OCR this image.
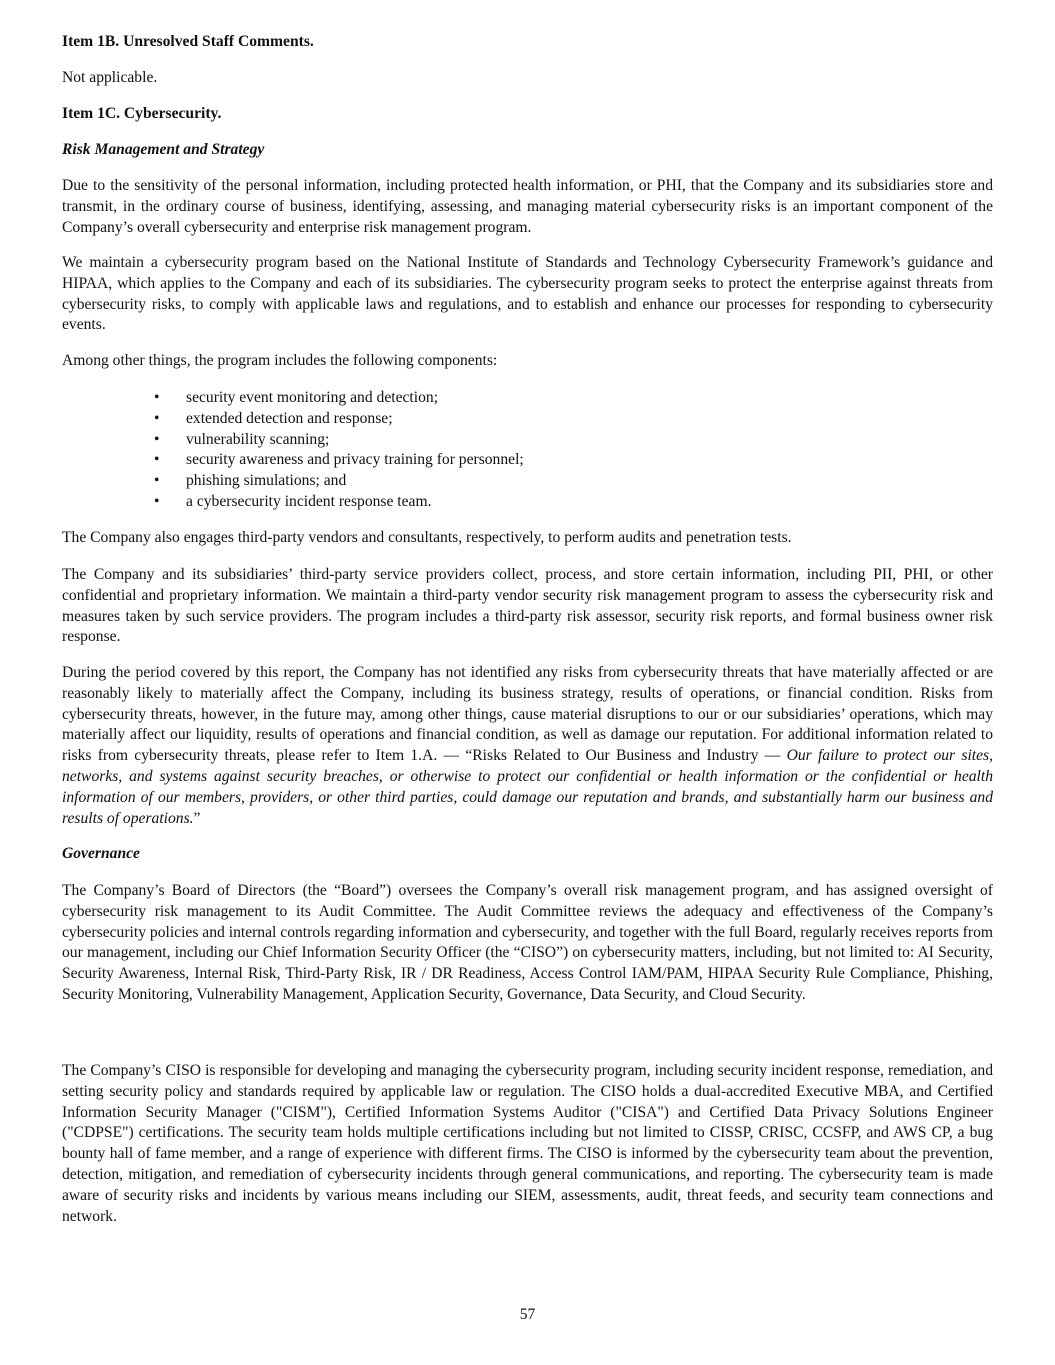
Item 1B. Unresolved Staff Comments.

Not applicable.

Item 1C. Cybersecurity.

Risk Management and Strategy

Due to the sensitivity of the personal information, including protected health information, or PHI, that the Company and its subsidiaries store and transmit, in the ordinary course of business, identifying, assessing, and managing material cybersecurity risks is an important component of the Company’s overall cybersecurity and enterprise risk management program.

We maintain a cybersecurity program based on the National Institute of Standards and Technology Cybersecurity Framework’s guidance and HIPAA, which applies to the Company and each of its subsidiaries. The cybersecurity program seeks to protect the enterprise against threats from cybersecurity risks, to comply with applicable laws and regulations, and to establish and enhance our processes for responding to cybersecurity events.

Among other things, the program includes the following components:

• security event monitoring and detection;
• extended detection and response;
• vulnerability scanning;
• security awareness and privacy training for personnel;
• phishing simulations; and
• a cybersecurity incident response team.

The Company also engages third-party vendors and consultants, respectively, to perform audits and penetration tests.

The Company and its subsidiaries’ third-party service providers collect, process, and store certain information, including PII, PHI, or other confidential and proprietary information. We maintain a third-party vendor security risk management program to assess the cybersecurity risk and measures taken by such service providers. The program includes a third-party risk assessor, security risk reports, and formal business owner risk response.

During the period covered by this report, the Company has not identified any risks from cybersecurity threats that have materially affected or are reasonably likely to materially affect the Company, including its business strategy, results of operations, or financial condition. Risks from cybersecurity threats, however, in the future may, among other things, cause material disruptions to our or our subsidiaries’ operations, which may materially affect our liquidity, results of operations and financial condition, as well as damage our reputation. For additional information related to risks from cybersecurity threats, please refer to Item 1.A. — “Risks Related to Our Business and Industry — Our failure to protect our sites, networks, and systems against security breaches, or otherwise to protect our confidential or health information or the confidential or health information of our members, providers, or other third parties, could damage our reputation and brands, and substantially harm our business and results of operations.”

Governance

The Company’s Board of Directors (the “Board”) oversees the Company’s overall risk management program, and has assigned oversight of cybersecurity risk management to its Audit Committee. The Audit Committee reviews the adequacy and effectiveness of the Company’s cybersecurity policies and internal controls regarding information and cybersecurity, and together with the full Board, regularly receives reports from our management, including our Chief Information Security Officer (the “CISO”) on cybersecurity matters, including, but not limited to: AI Security, Security Awareness, Internal Risk, Third-Party Risk, IR / DR Readiness, Access Control IAM/PAM, HIPAA Security Rule Compliance, Phishing, Security Monitoring, Vulnerability Management, Application Security, Governance, Data Security, and Cloud Security.

The Company’s CISO is responsible for developing and managing the cybersecurity program, including security incident response, remediation, and setting security policy and standards required by applicable law or regulation. The CISO holds a dual-accredited Executive MBA, and Certified Information Security Manager ("CISM"), Certified Information Systems Auditor ("CISA") and Certified Data Privacy Solutions Engineer ("CDPSE") certifications. The security team holds multiple certifications including but not limited to CISSP, CRISC, CCSFP, and AWS CP, a bug bounty hall of fame member, and a range of experience with different firms. The CISO is informed by the cybersecurity team about the prevention, detection, mitigation, and remediation of cybersecurity incidents through general communications, and reporting. The cybersecurity team is made aware of security risks and incidents by various means including our SIEM, assessments, audit, threat feeds, and security team connections and network.

57
